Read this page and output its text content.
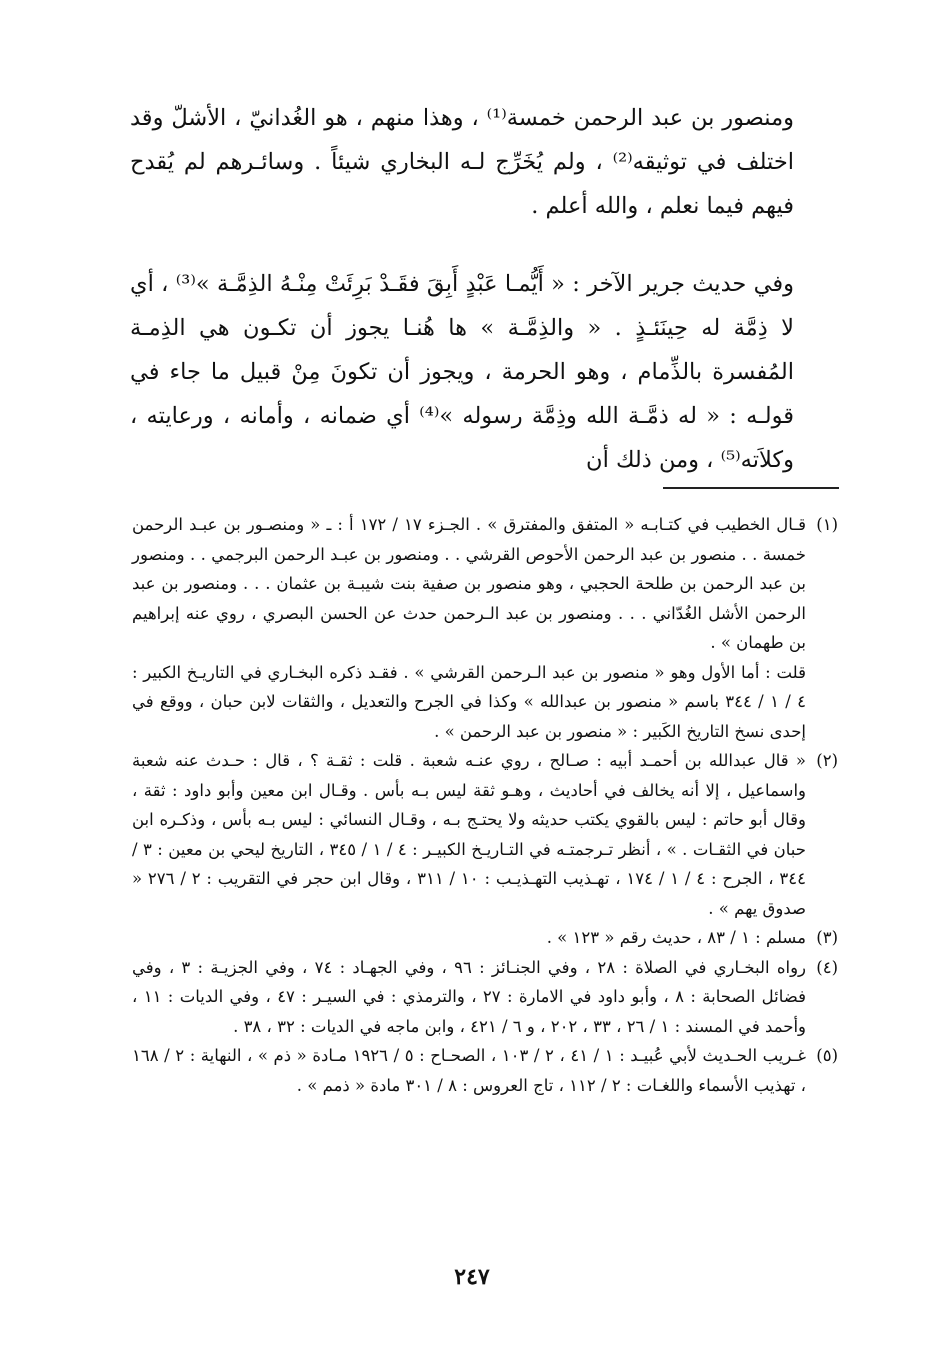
ومنصور بن عبد الرحمن خمسة⁽¹⁾ ، وهذا منهم ، هو الغُدانيّ ، الأشلّ وقد اختلف في توثيقه⁽²⁾ ، ولم يُخَرِّج لـه البخاري شيئاً . وسائـرهم لم يُقدح فيهم فيما نعلم ، والله أعلم .

وفي حديث جرير الآخر : « أَيُّمـا عَبْدٍ أَبِقَ فقَـدْ بَرِئَتْ مِنْـهُ الذِمَّـة »⁽³⁾ ، أي لا ذِمَّة له حِينَئـذٍ . « والذِمَّـة » ها هُنـا يجوز أن تكـون هي الذِمـة المُفسرة بالذِّمام ، وهو الحرمة ، ويجوز أن تكونَ مِنْ قبيل ما جاء في قولـه : « له ذمَّـة الله وذِمَّة رسوله »⁽⁴⁾ أي ضمانه ، وأمانه ، ورعايته ، وكلاَته⁽⁵⁾ ، ومن ذلك أن

(١)
قـال الخطيب في كتـابـه « المتفق والمفترق » . الجـزء ١٧ / ١٧٢ أ : ـ « ومنصـور بن عبـد الرحمن خمسة . . منصور بن عبد الرحمن الأحوص القرشي . . ومنصور بن عبـد الرحمن البرجمي . . ومنصور بن عبد الرحمن بن طلحة الحجبي ، وهو منصور بن صفية بنت شيبـة بن عثمان . . . ومنصور بن عبد الرحمن الأشل الغُدّاني . . . ومنصور بن عبد الـرحمن حدث عن الحسن البصري ، روي عنه إبراهيم بن طهمان » .

قلت : أما الأول وهو « منصور بن عبد الـرحمن القرشي » . فقـد ذكره البخـاري في التاريـخ الكبير : ٤ / ١ / ٣٤٤ باسم « منصور بن عبدالله » وكذا في الجرح والتعديل ، والثقات لابن حبان ، ووقع في إحدى نسخ التاريخ الكَبير : « منصور بن عبد الرحمن » .

(٢)
« قال عبدالله بن أحمـد أبيه : صـالح ، روي عنـه شعبة . قلت : ثقـة ؟ ، قال : حـدث عنه شعبة واسماعيل ، إلا أنه يخالف في أحاديث ، وهـو ثقة ليس بـه بأس . وقـال ابن معين وأبو داود : ثقة ، وقال أبو حاتم : ليس بالقوي يكتب حديثه ولا يحتـج بـه ، وقـال النسائي : ليس بـه بأس ، وذكـره ابن حبان في الثقـات . » ، أنظر تـرجمتـه في التـاريـخ الكبيـر : ٤ / ١ / ٣٤٥ ، التاريخ ليحي بن معين : ٣ / ٣٤٤ ، الجرح : ٤ / ١ / ١٧٤ ، تهـذيب التهـذيـب : ١٠ / ٣١١ ، وقال ابن حجر في التقريب : ٢ / ٢٧٦ « صدوق يهم » .

(٣)
مسلم : ١ / ٨٣ ، حديث رقم « ١٢٣ » .

(٤)
رواه البخـاري في الصلاة : ٢٨ ، وفي الجنـائز : ٩٦ ، وفي الجهـاد : ٧٤ ، وفي الجزيـة : ٣ ، وفي فضائل الصحابة : ٨ ، وأبو داود في الامارة : ٢٧ ، والترمذي : في السيـر : ٤٧ ، وفي الديات : ١١ ، وأحمد في المسند : ١ / ٢٦ ، ٣٣ ، ٢٠٢ ، و ٦ / ٤٢١ ، وابن ماجه في الديات : ٣٢ ، ٣٨ .

(٥)
غـريب الحـديث لأبي عُبيـد : ١ / ٤١ ، ٢ / ١٠٣ ، الصحـاح : ٥ / ١٩٢٦ مـادة « ذم » ، النهاية : ٢ / ١٦٨ ، تهذيب الأسماء واللغـات : ٢ / ١١٢ ، تاج العروس : ٨ / ٣٠١ مادة « ذمم » .

٢٤٧
